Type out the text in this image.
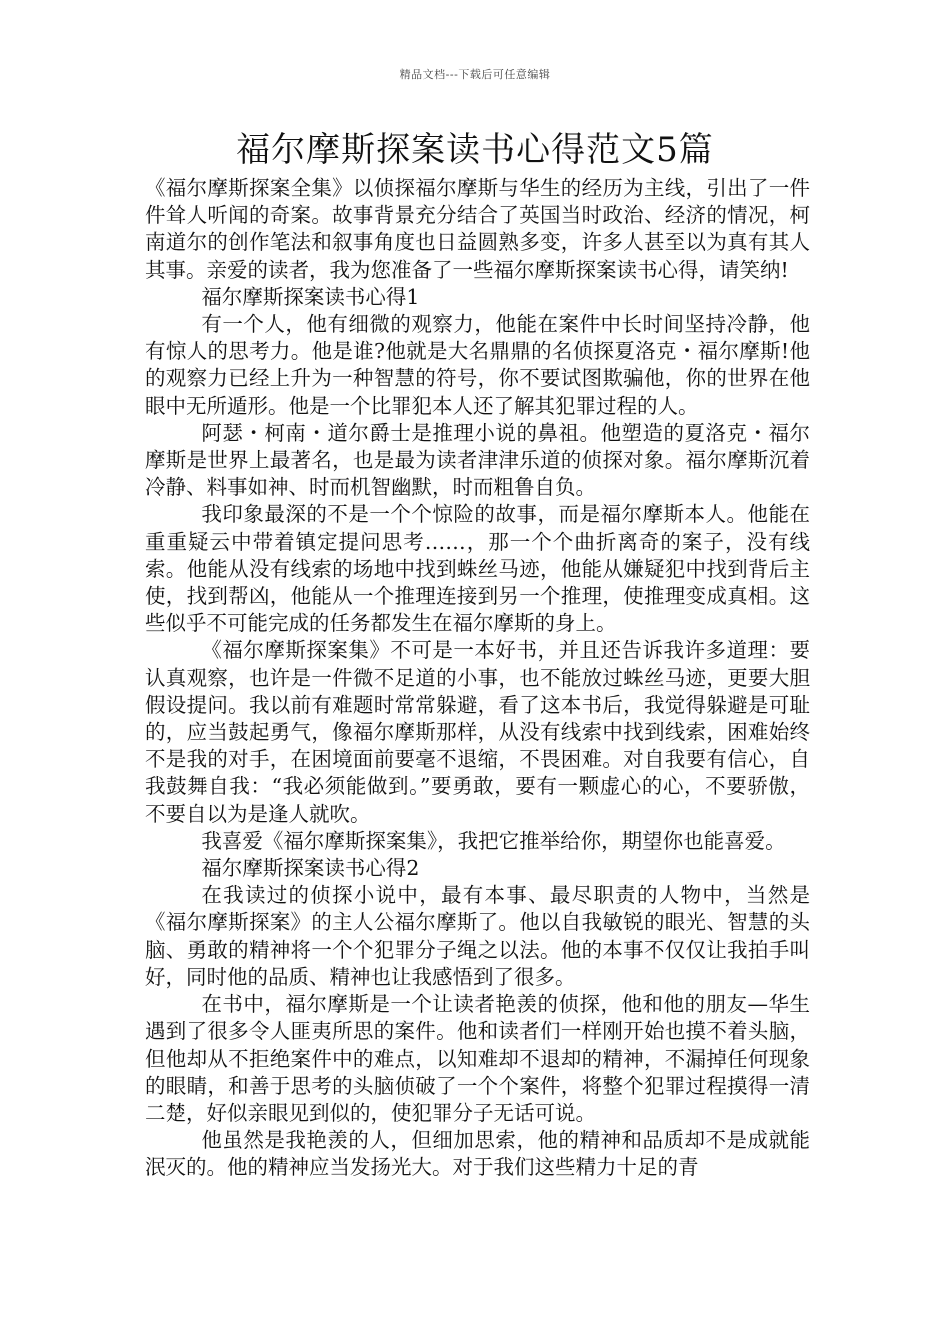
精品文档---下载后可任意编辑
福尔摩斯探案读书心得范文5篇

《福尔摩斯探案全集》以侦探福尔摩斯与华生的经历为主线，引出了一件件耸人听闻的奇案。故事背景充分结合了英国当时政治、经济的情况，柯南道尔的创作笔法和叙事角度也日益圆熟多变，许多人甚至以为真有其人其事。亲爱的读者，我为您准备了一些福尔摩斯探案读书心得，请笑纳!

福尔摩斯探案读书心得1

有一个人，他有细微的观察力，他能在案件中长时间坚持冷静，他有惊人的思考力。他是谁?他就是大名鼎鼎的名侦探夏洛克・福尔摩斯!他的观察力已经上升为一种智慧的符号，你不要试图欺骗他，你的世界在他眼中无所遁形。他是一个比罪犯本人还了解其犯罪过程的人。

阿瑟・柯南・道尔爵士是推理小说的鼻祖。他塑造的夏洛克・福尔摩斯是世界上最著名，也是最为读者津津乐道的侦探对象。福尔摩斯沉着冷静、料事如神、时而机智幽默，时而粗鲁自负。

我印象最深的不是一个个惊险的故事，而是福尔摩斯本人。他能在重重疑云中带着镇定提问思考……，那一个个曲折离奇的案子，没有线索。他能从没有线索的场地中找到蛛丝马迹，他能从嫌疑犯中找到背后主使，找到帮凶，他能从一个推理连接到另一个推理，使推理变成真相。这些似乎不可能完成的任务都发生在福尔摩斯的身上。

《福尔摩斯探案集》不可是一本好书，并且还告诉我许多道理：要认真观察，也许是一件微不足道的小事，也不能放过蛛丝马迹，更要大胆假设提问。我以前有难题时常常躲避，看了这本书后，我觉得躲避是可耻的，应当鼓起勇气，像福尔摩斯那样，从没有线索中找到线索，困难始终不是我的对手，在困境面前要毫不退缩，不畏困难。对自我要有信心，自我鼓舞自我：“我必须能做到。”要勇敢，要有一颗虚心的心，不要骄傲，不要自以为是逢人就吹。

我喜爱《福尔摩斯探案集》，我把它推举给你，期望你也能喜爱。

福尔摩斯探案读书心得2

在我读过的侦探小说中，最有本事、最尽职责的人物中，当然是《福尔摩斯探案》的主人公福尔摩斯了。他以自我敏锐的眼光、智慧的头脑、勇敢的精神将一个个犯罪分子绳之以法。他的本事不仅仅让我拍手叫好，同时他的品质、精神也让我感悟到了很多。

在书中，福尔摩斯是一个让读者艳羡的侦探，他和他的朋友—华生遇到了很多令人匪夷所思的案件。他和读者们一样刚开始也摸不着头脑，但他却从不拒绝案件中的难点，以知难却不退却的精神，不漏掉任何现象的眼睛，和善于思考的头脑侦破了一个个案件，将整个犯罪过程摸得一清二楚，好似亲眼见到似的，使犯罪分子无话可说。

他虽然是我艳羡的人，但细加思索，他的精神和品质却不是成就能泯灭的。他的精神应当发扬光大。对于我们这些精力十足的青
